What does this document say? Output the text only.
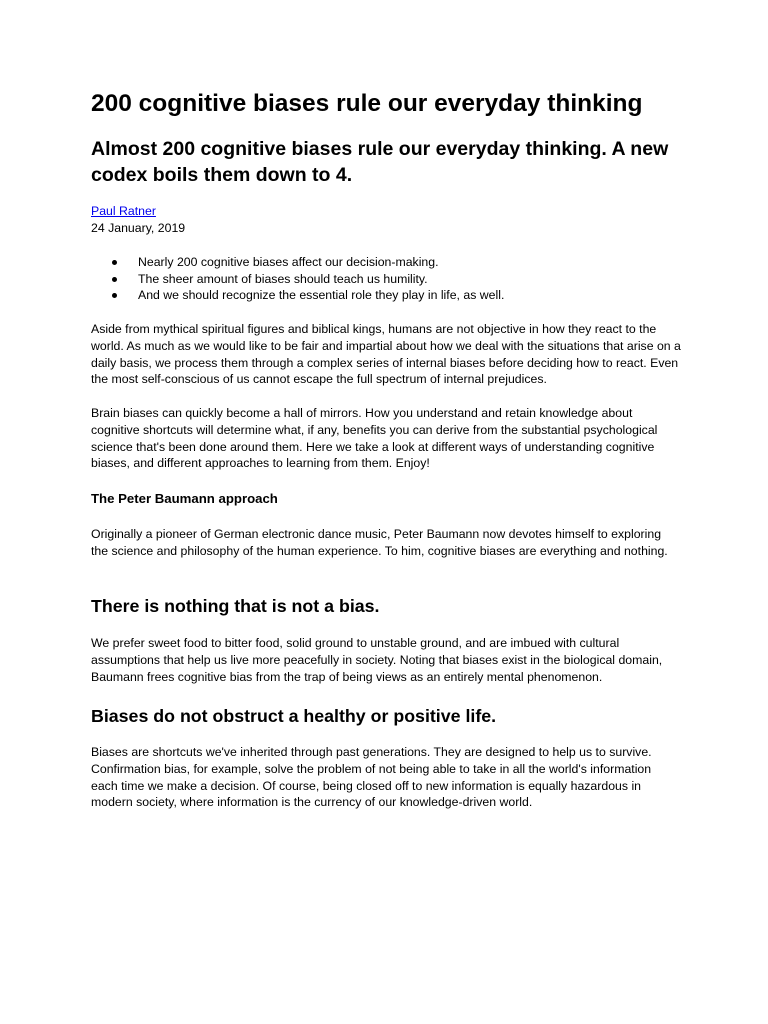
200 cognitive biases rule our everyday thinking
Almost 200 cognitive biases rule our everyday thinking. A new codex boils them down to 4.
Paul Ratner
24 January, 2019
Nearly 200 cognitive biases affect our decision-making.
The sheer amount of biases should teach us humility.
And we should recognize the essential role they play in life, as well.

Aside from mythical spiritual figures and biblical kings, humans are not objective in how they react to the world. As much as we would like to be fair and impartial about how we deal with the situations that arise on a daily basis, we process them through a complex series of internal biases before deciding how to react. Even the most self-conscious of us cannot escape the full spectrum of internal prejudices.

Brain biases can quickly become a hall of mirrors. How you understand and retain knowledge about cognitive shortcuts will determine what, if any, benefits you can derive from the substantial psychological science that's been done around them. Here we take a look at different ways of understanding cognitive biases, and different approaches to learning from them. Enjoy!

The Peter Baumann approach

Originally a pioneer of German electronic dance music, Peter Baumann now devotes himself to exploring the science and philosophy of the human experience. To him, cognitive biases are everything and nothing.

There is nothing that is not a bias.

We prefer sweet food to bitter food, solid ground to unstable ground, and are imbued with cultural assumptions that help us live more peacefully in society. Noting that biases exist in the biological domain, Baumann frees cognitive bias from the trap of being views as an entirely mental phenomenon.

Biases do not obstruct a healthy or positive life.

Biases are shortcuts we've inherited through past generations. They are designed to help us to survive. Confirmation bias, for example, solve the problem of not being able to take in all the world's information each time we make a decision. Of course, being closed off to new information is equally hazardous in modern society, where information is the currency of our knowledge-driven world.
